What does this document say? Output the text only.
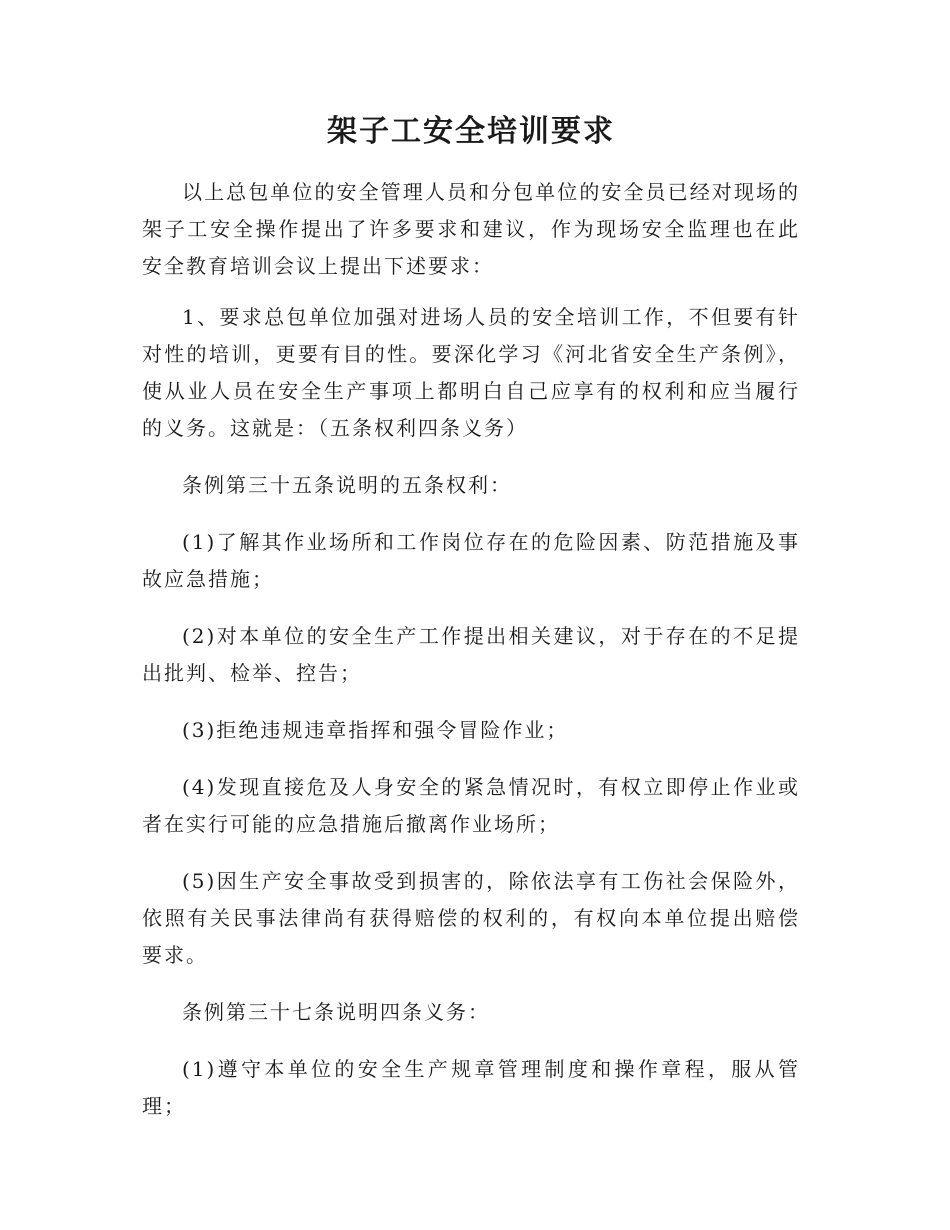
架子工安全培训要求

以上总包单位的安全管理人员和分包单位的安全员已经对现场的架子工安全操作提出了许多要求和建议，作为现场安全监理也在此安全教育培训会议上提出下述要求：

1、要求总包单位加强对进场人员的安全培训工作，不但要有针对性的培训，更要有目的性。要深化学习《河北省安全生产条例》，使从业人员在安全生产事项上都明白自己应享有的权利和应当履行的义务。这就是：（五条权利四条义务）

条例第三十五条说明的五条权利：

(1)了解其作业场所和工作岗位存在的危险因素、防范措施及事故应急措施；

(2)对本单位的安全生产工作提出相关建议，对于存在的不足提出批判、检举、控告；

(3)拒绝违规违章指挥和强令冒险作业；

(4)发现直接危及人身安全的紧急情况时，有权立即停止作业或者在实行可能的应急措施后撤离作业场所；

(5)因生产安全事故受到损害的，除依法享有工伤社会保险外，依照有关民事法律尚有获得赔偿的权利的，有权向本单位提出赔偿要求。

条例第三十七条说明四条义务：

(1)遵守本单位的安全生产规章管理制度和操作章程，服从管理；
